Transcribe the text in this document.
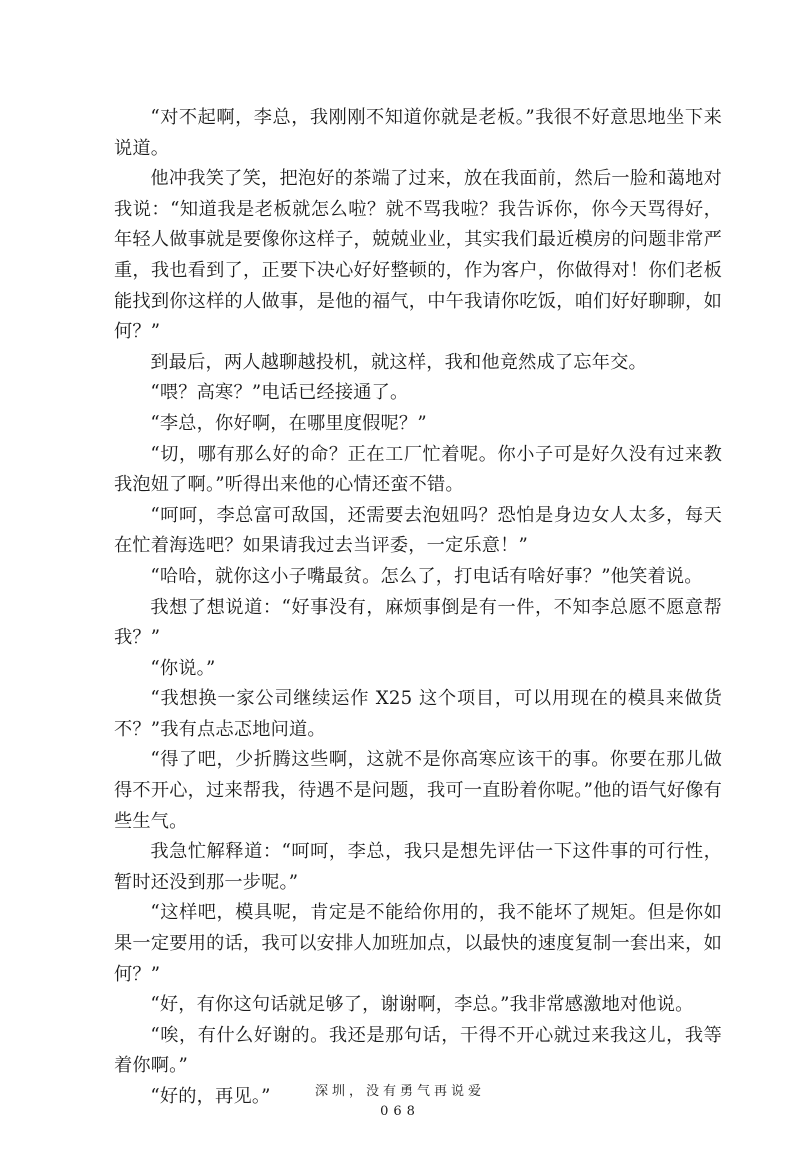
“对不起啊，李总，我刚刚不知道你就是老板。”我很不好意思地坐下来说道。

他冲我笑了笑，把泡好的茶端了过来，放在我面前，然后一脸和蔼地对我说：“知道我是老板就怎么啦？就不骂我啦？我告诉你，你今天骂得好，年轻人做事就是要像你这样子，兢兢业业，其实我们最近模房的问题非常严重，我也看到了，正要下决心好好整顿的，作为客户，你做得对！你们老板能找到你这样的人做事，是他的福气，中午我请你吃饭，咱们好好聊聊，如何？”

到最后，两人越聊越投机，就这样，我和他竟然成了忘年交。

“喂？高寒？”电话已经接通了。

“李总，你好啊，在哪里度假呢？”

“切，哪有那么好的命？正在工厂忙着呢。你小子可是好久没有过来教我泡妞了啊。”听得出来他的心情还蛮不错。

“呵呵，李总富可敌国，还需要去泡妞吗？恐怕是身边女人太多，每天在忙着海选吧？如果请我过去当评委，一定乐意！”

“哈哈，就你这小子嘴最贫。怎么了，打电话有啥好事？”他笑着说。

我想了想说道：“好事没有，麻烦事倒是有一件，不知李总愿不愿意帮我？”

“你说。”

“我想换一家公司继续运作 X25 这个项目，可以用现在的模具来做货不？”我有点忐忑地问道。

“得了吧，少折腾这些啊，这就不是你高寒应该干的事。你要在那儿做得不开心，过来帮我，待遇不是问题，我可一直盼着你呢。”他的语气好像有些生气。

我急忙解释道：“呵呵，李总，我只是想先评估一下这件事的可行性，暂时还没到那一步呢。”

“这样吧，模具呢，肯定是不能给你用的，我不能坏了规矩。但是你如果一定要用的话，我可以安排人加班加点，以最快的速度复制一套出来，如何？”

“好，有你这句话就足够了，谢谢啊，李总。”我非常感激地对他说。

“唉，有什么好谢的。我还是那句话，干得不开心就过来我这儿，我等着你啊。”

“好的，再见。”	深圳，没有勇气再说爱
068
